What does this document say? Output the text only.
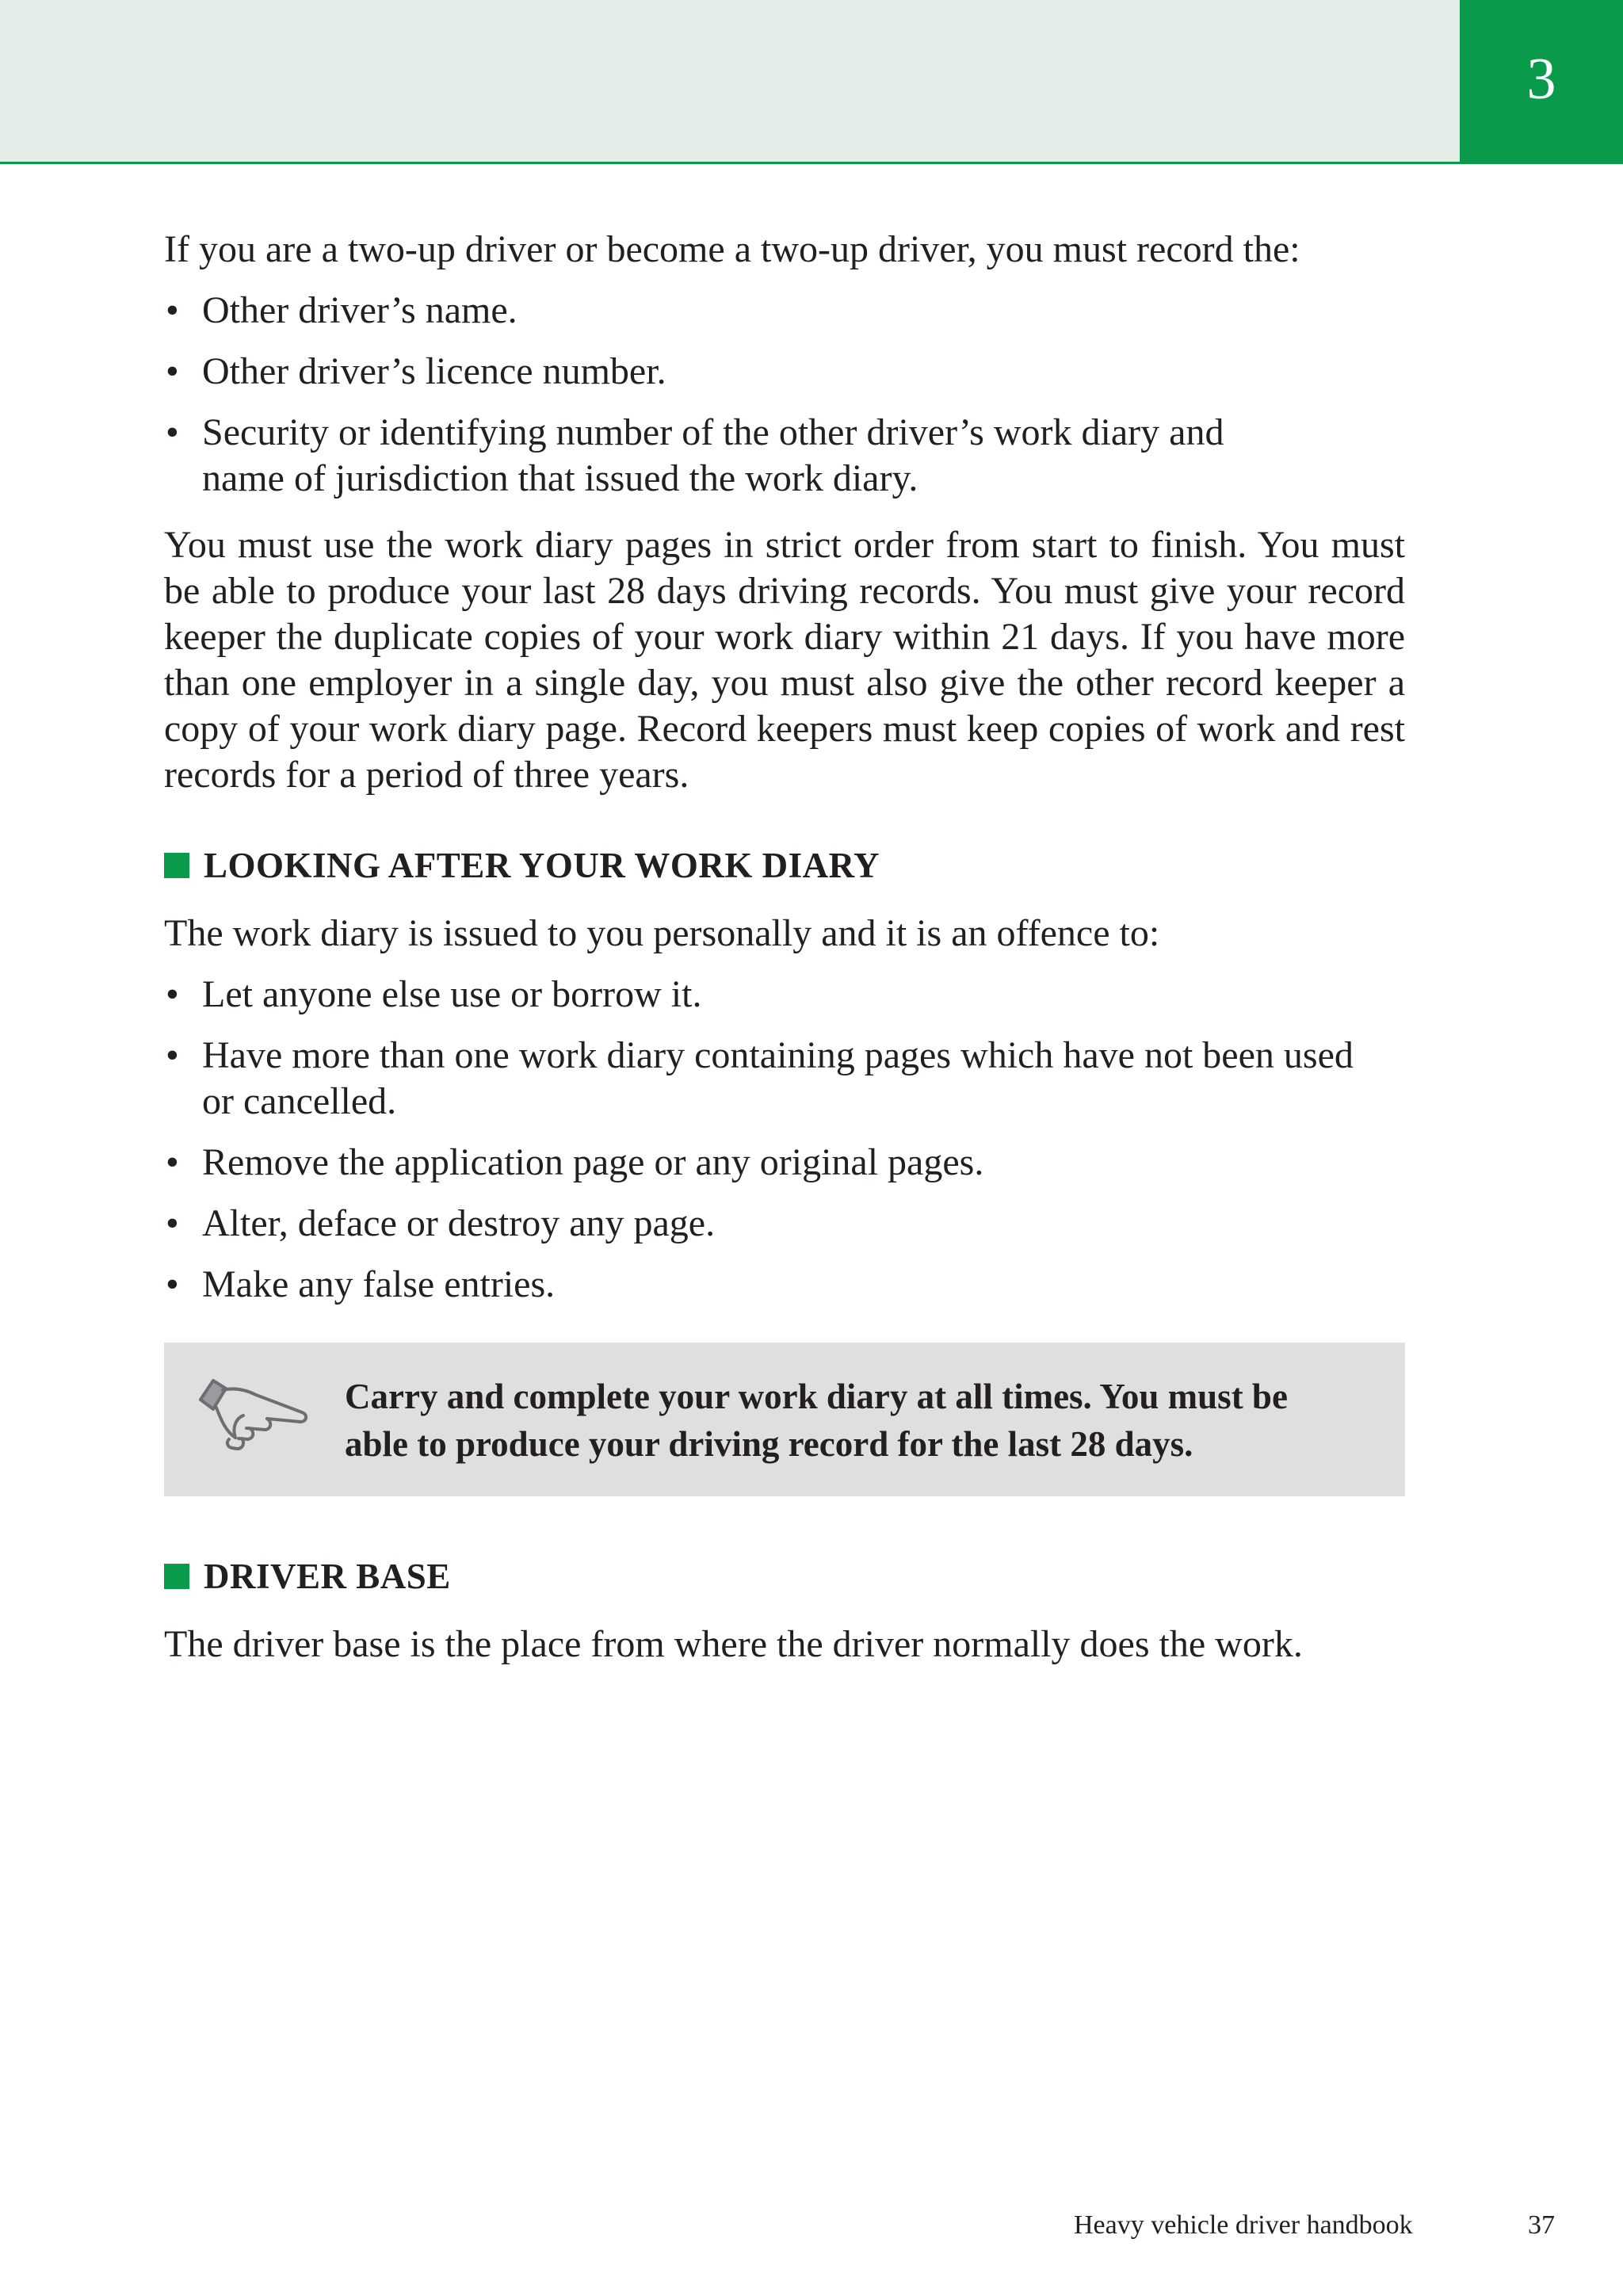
3

If you are a two-up driver or become a two-up driver, you must record the:

• Other driver’s name.
• Other driver’s licence number.
• Security or identifying number of the other driver’s work diary and name of jurisdiction that issued the work diary.

You must use the work diary pages in strict order from start to finish. You must be able to produce your last 28 days driving records. You must give your record keeper the duplicate copies of your work diary within 21 days. If you have more than one employer in a single day, you must also give the other record keeper a copy of your work diary page. Record keepers must keep copies of work and rest records for a period of three years.

LOOKING AFTER YOUR WORK DIARY

The work diary is issued to you personally and it is an offence to:

• Let anyone else use or borrow it.
• Have more than one work diary containing pages which have not been used or cancelled.
• Remove the application page or any original pages.
• Alter, deface or destroy any page.
• Make any false entries.
Carry and complete your work diary at all times. You must be able to produce your driving record for the last 28 days.
DRIVER BASE

The driver base is the place from where the driver normally does the work.

Heavy vehicle driver handbook	37
